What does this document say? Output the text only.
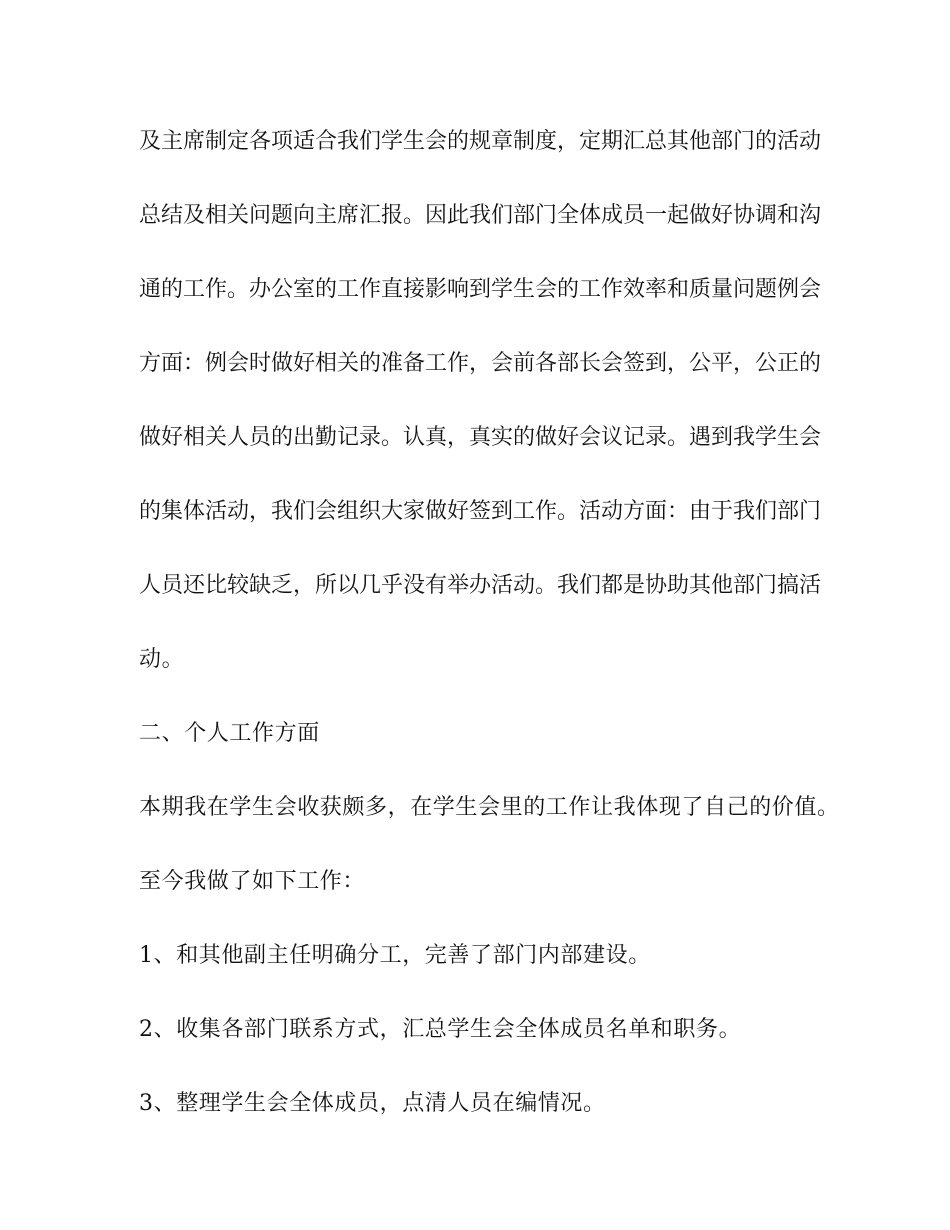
及主席制定各项适合我们学生会的规章制度，定期汇总其他部门的活动
总结及相关问题向主席汇报。因此我们部门全体成员一起做好协调和沟
通的工作。办公室的工作直接影响到学生会的工作效率和质量问题例会
方面：例会时做好相关的准备工作，会前各部长会签到，公平，公正的
做好相关人员的出勤记录。认真，真实的做好会议记录。遇到我学生会
的集体活动，我们会组织大家做好签到工作。活动方面：由于我们部门
人员还比较缺乏，所以几乎没有举办活动。我们都是协助其他部门搞活
动。
二、个人工作方面
本期我在学生会收获颇多，在学生会里的工作让我体现了自己的价值。
至今我做了如下工作：
1、和其他副主任明确分工，完善了部门内部建设。
2、收集各部门联系方式，汇总学生会全体成员名单和职务。
3、整理学生会全体成员，点清人员在编情况。
